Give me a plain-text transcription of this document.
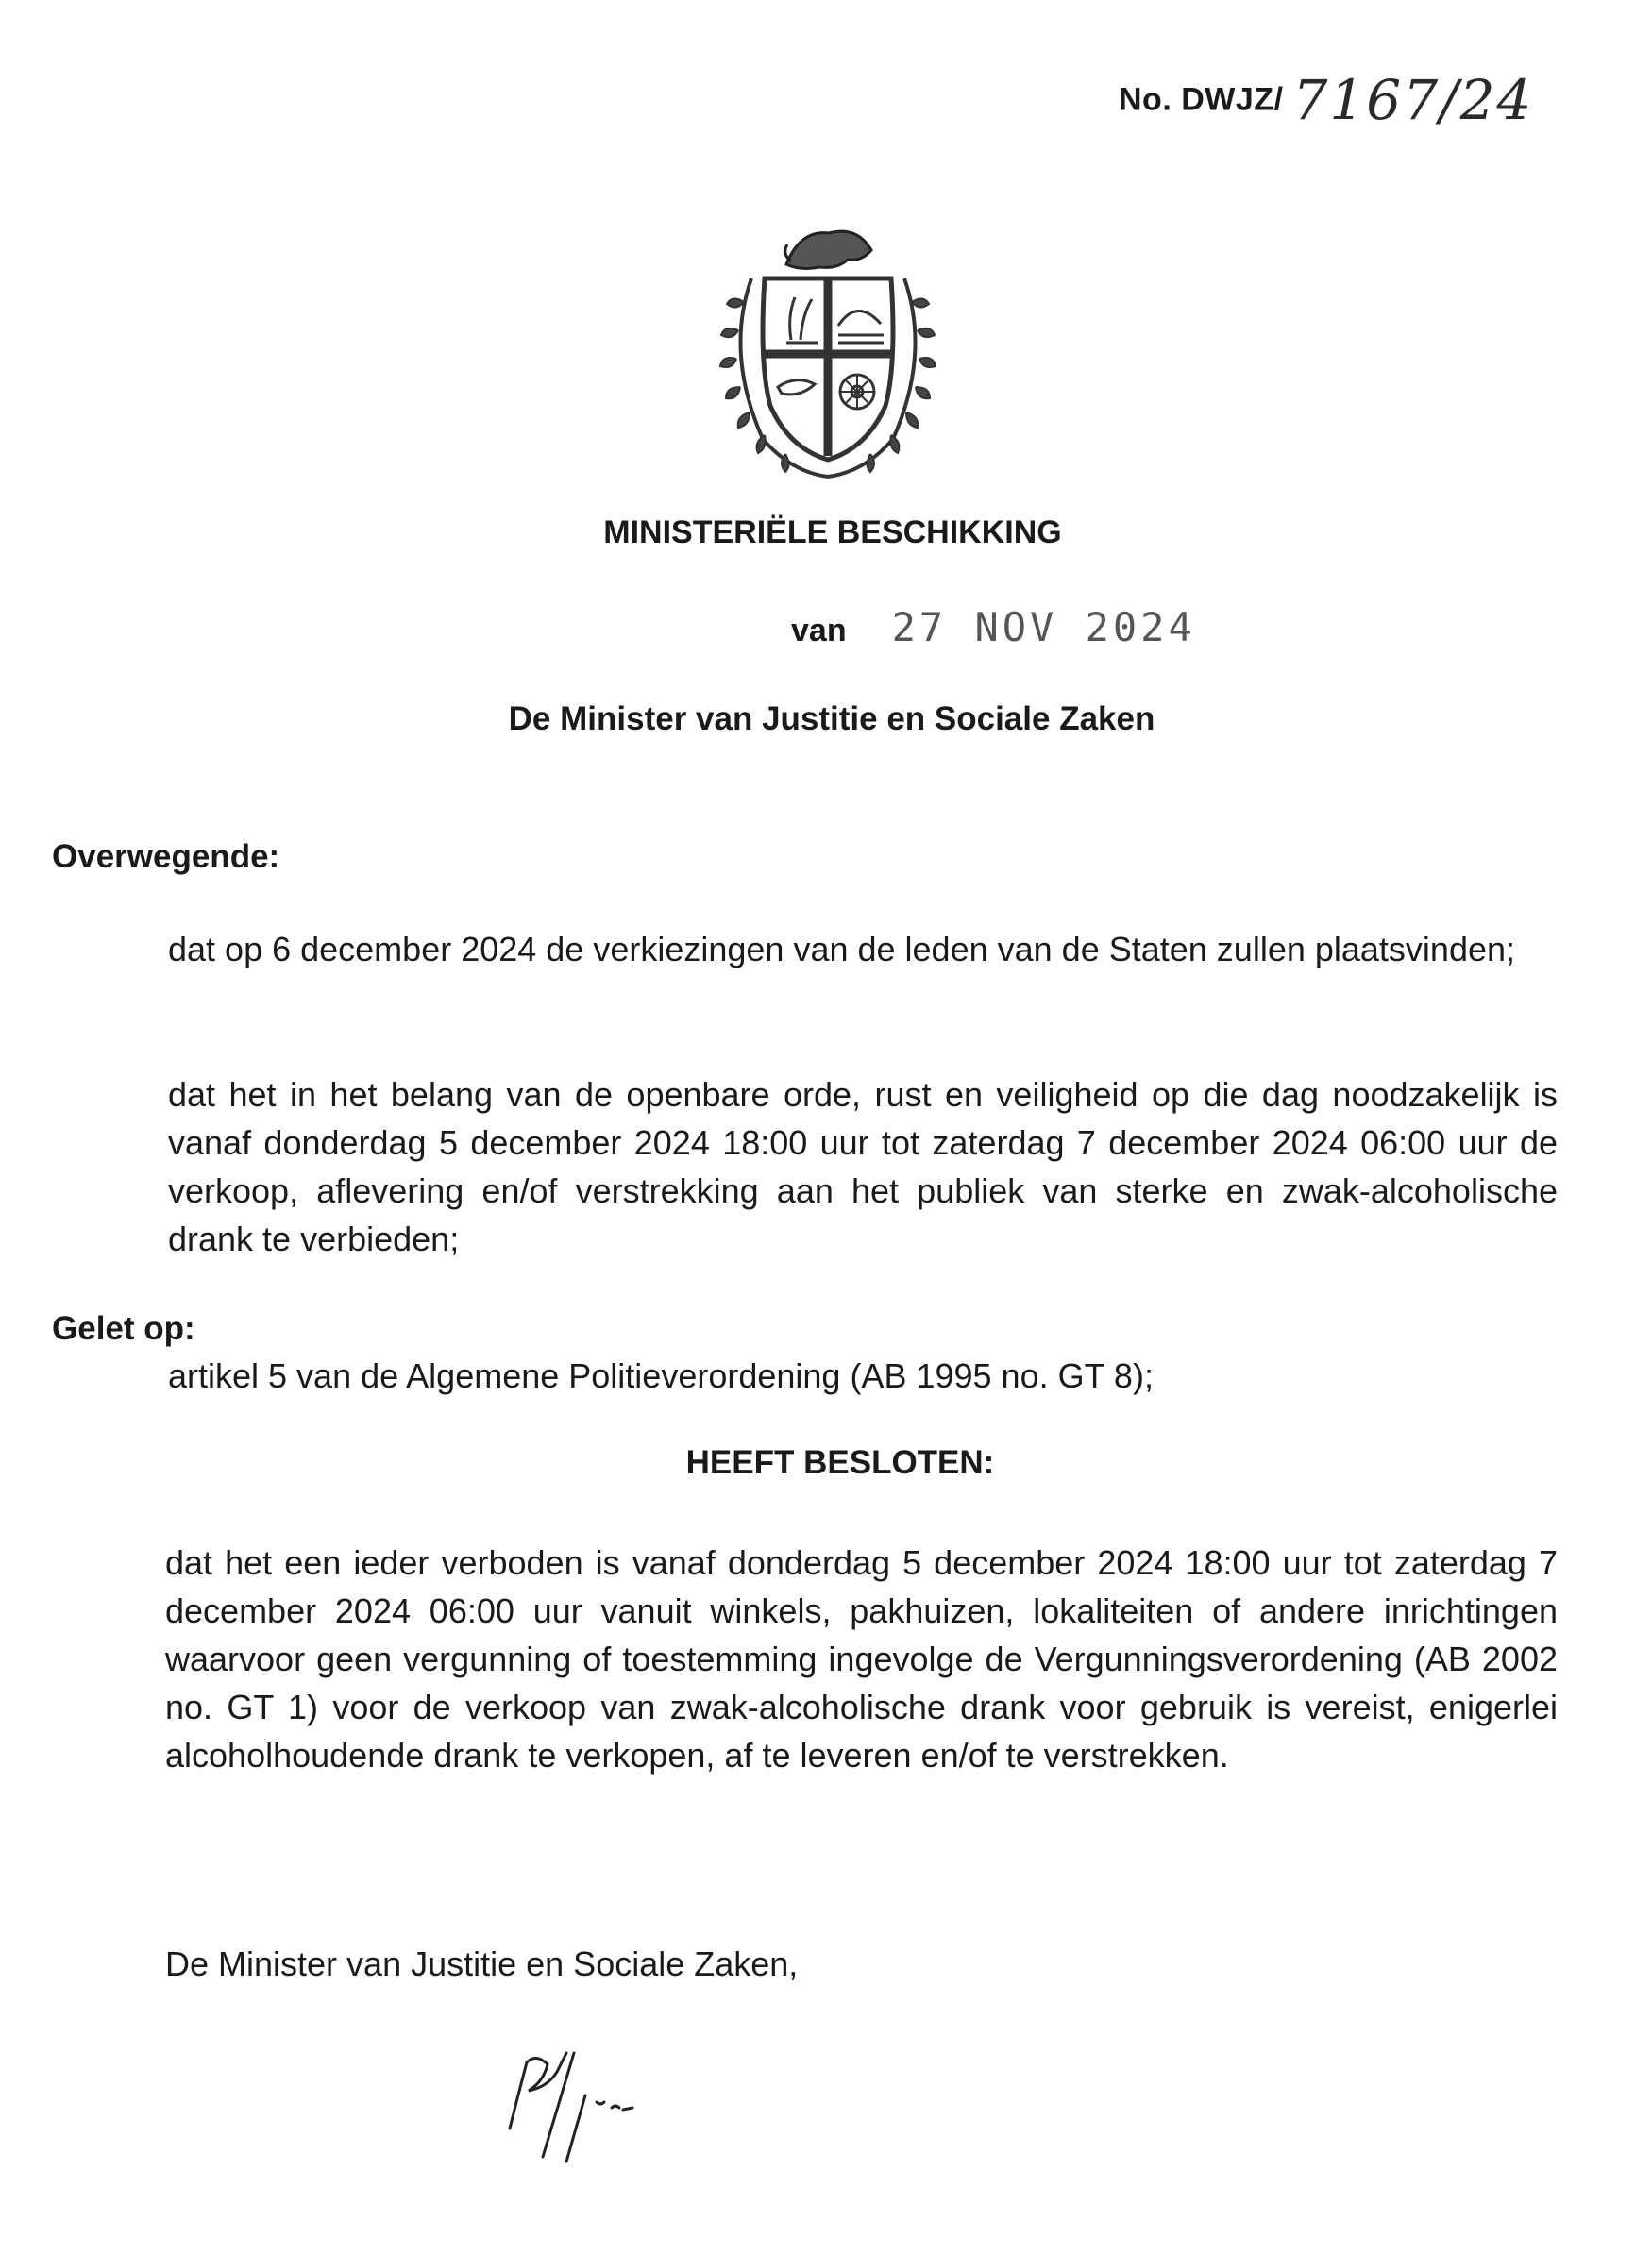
No. DWJZ/ 7167/24
MINISTERIËLE BESCHIKKING
van 27 NOV 2024
De Minister van Justitie en Sociale Zaken
Overwegende:
dat op 6 december 2024 de verkiezingen van de leden van de Staten zullen plaatsvinden;
dat het in het belang van de openbare orde, rust en veiligheid op die dag noodzakelijk is vanaf donderdag 5 december 2024 18:00 uur tot zaterdag 7 december 2024 06:00 uur de verkoop, aflevering en/of verstrekking aan het publiek van sterke en zwak-alcoholische drank te verbieden;
Gelet op:
artikel 5 van de Algemene Politieverordening (AB 1995 no. GT 8);
HEEFT BESLOTEN:
dat het een ieder verboden is vanaf donderdag 5 december 2024 18:00 uur tot zaterdag 7 december 2024 06:00 uur vanuit winkels, pakhuizen, lokaliteiten of andere inrichtingen waarvoor geen vergunning of toestemming ingevolge de Vergunningsverordening (AB 2002 no. GT 1) voor de verkoop van zwak-alcoholische drank voor gebruik is vereist, enigerlei alcoholhoudende drank te verkopen, af te leveren en/of te verstrekken.
De Minister van Justitie en Sociale Zaken,
